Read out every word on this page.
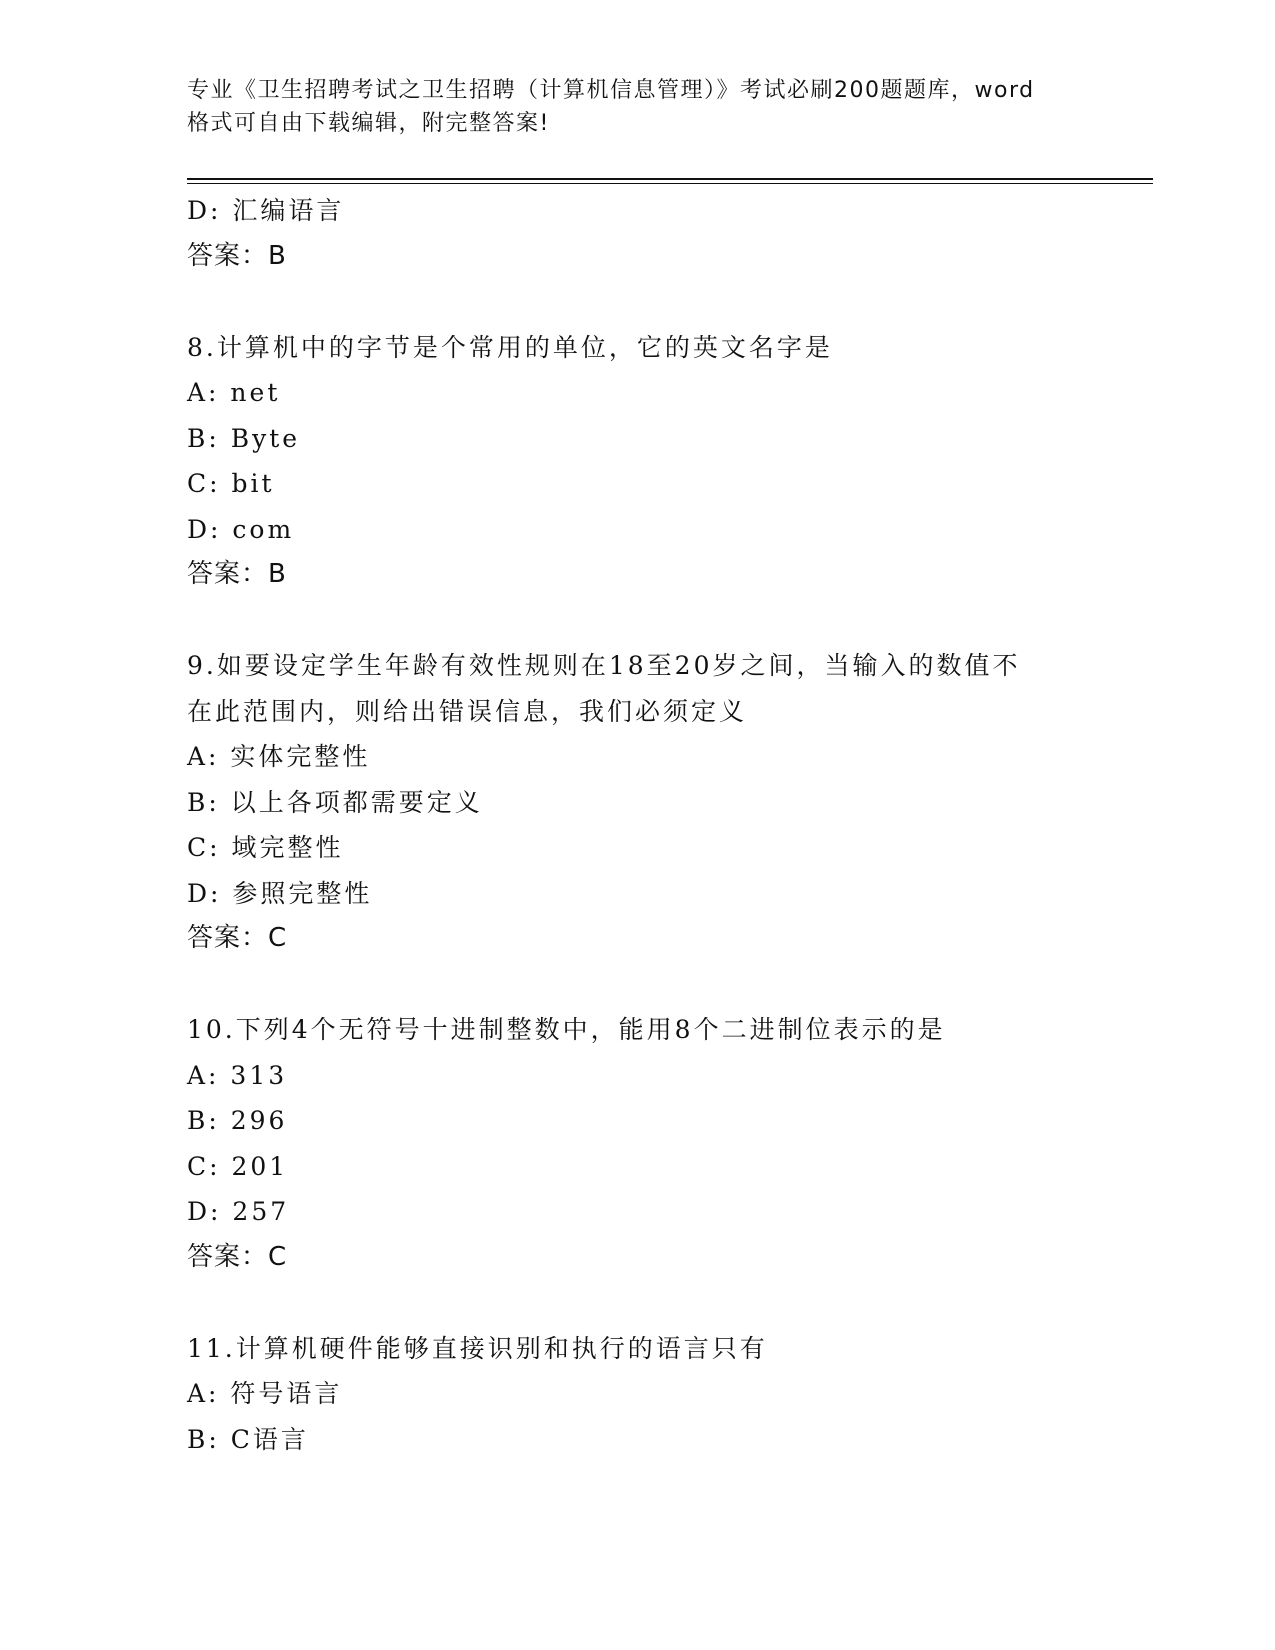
专业《卫生招聘考试之卫生招聘（计算机信息管理）》考试必刷200题题库，word
格式可自由下载编辑，附完整答案!
D: 汇编语言
答案：B
8.计算机中的字节是个常用的单位，它的英文名字是
A: net
B: Byte
C: bit
D: com
答案：B
9.如要设定学生年龄有效性规则在18至20岁之间，当输入的数值不
在此范围内，则给出错误信息，我们必须定义
A: 实体完整性
B: 以上各项都需要定义
C: 域完整性
D: 参照完整性
答案：C
10.下列4个无符号十进制整数中，能用8个二进制位表示的是
A: 313
B: 296
C: 201
D: 257
答案：C
11.计算机硬件能够直接识别和执行的语言只有
A: 符号语言
B: C语言
